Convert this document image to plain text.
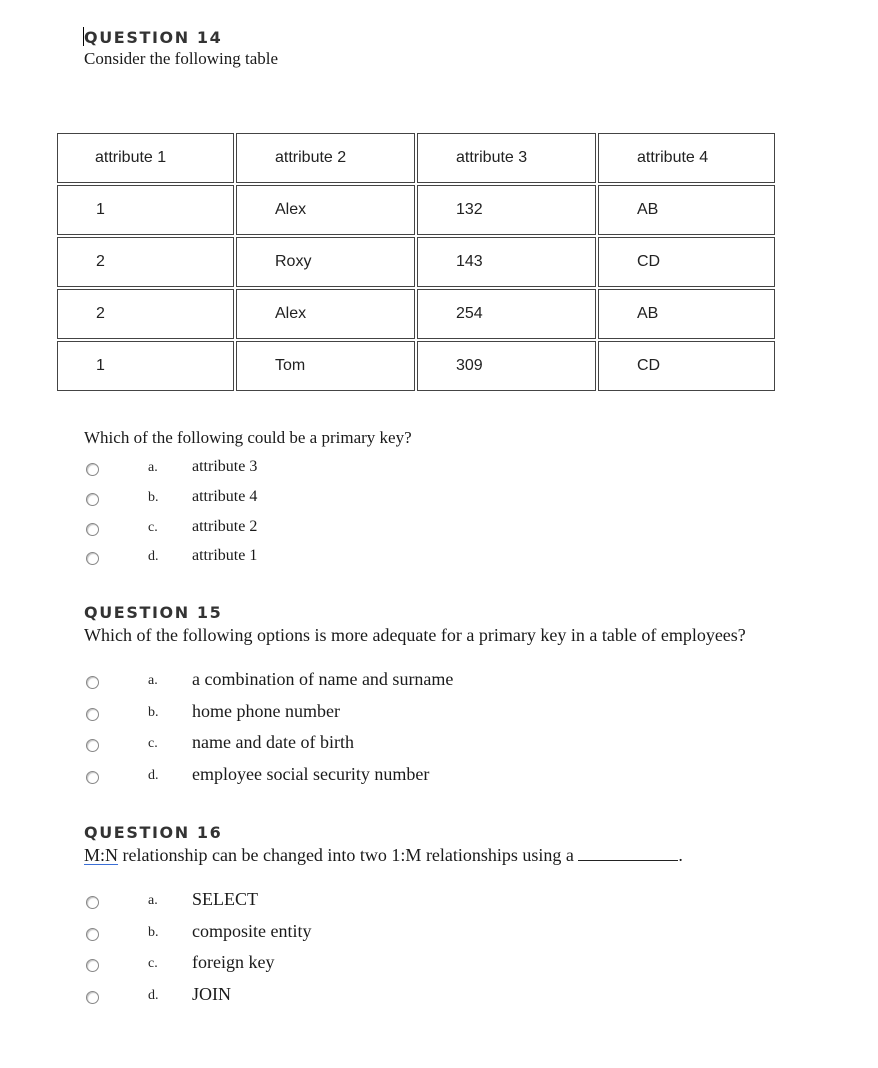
QUESTION 14
Consider the following table
attribute 1	attribute 2	attribute 3	attribute 4

1	Alex	132	AB

2	Roxy	143	CD

2	Alex	254	AB

1	Tom	309	CD
Which of the following could be a primary key?
a. attribute 3
b. attribute 4
c. attribute 2
d. attribute 1
QUESTION 15
Which of the following options is more adequate for a primary key in a table of employees?
a. a combination of name and surname
b. home phone number
c. name and date of birth
d. employee social security number
QUESTION 16
M:N relationship can be changed into two 1:M relationships using a	.
a. SELECT
b. composite entity
c. foreign key
d. JOIN
